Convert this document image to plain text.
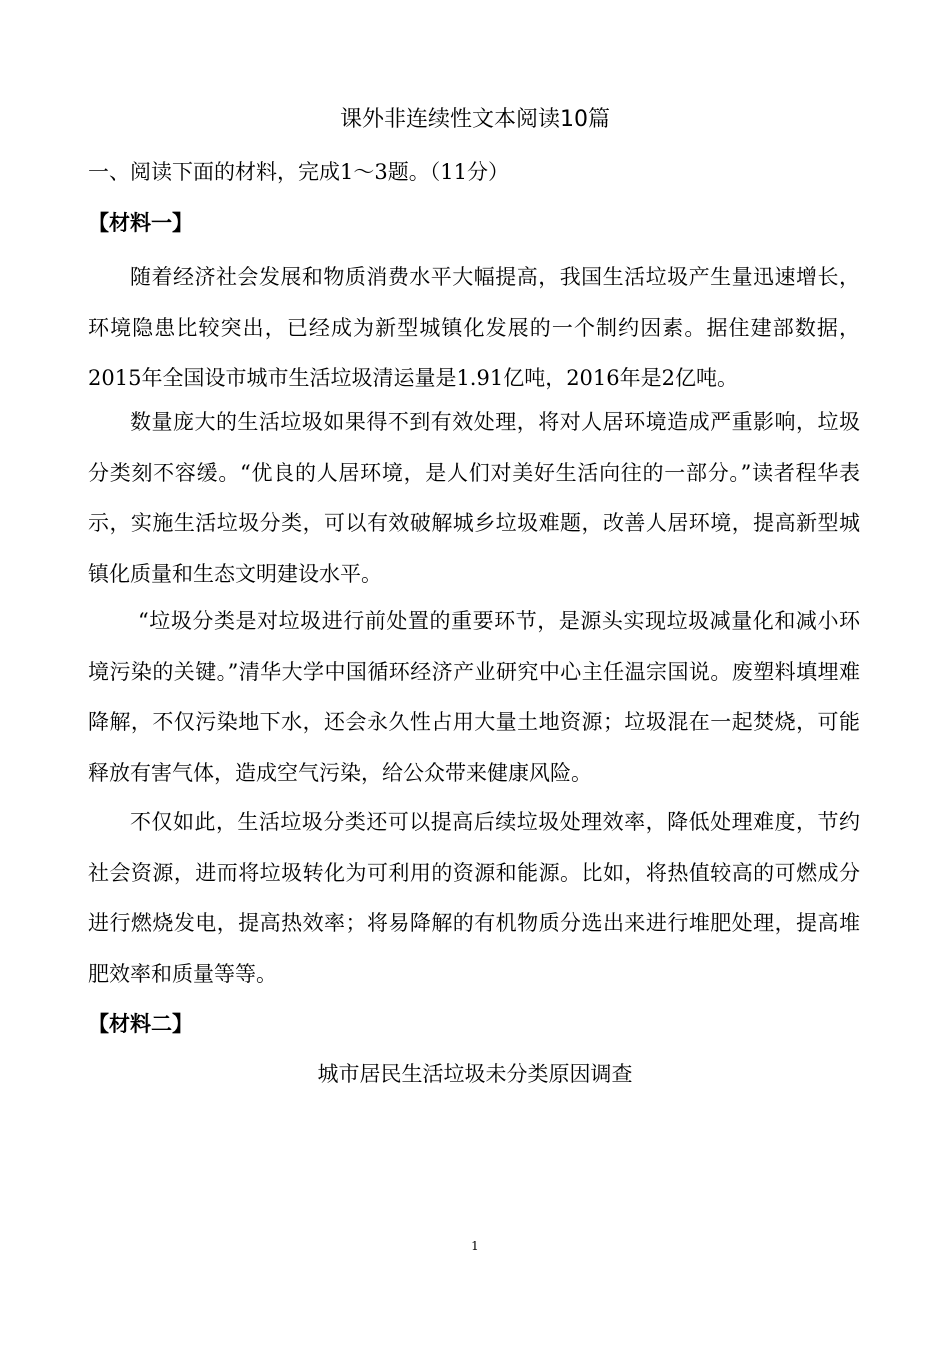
课外非连续性文本阅读10篇
一、阅读下面的材料，完成1～3题。（11分）
【材料一】

随着经济社会发展和物质消费水平大幅提高，我国生活垃圾产生量迅速增长，环境隐患比较突出，已经成为新型城镇化发展的一个制约因素。据住建部数据，2015年全国设市城市生活垃圾清运量是1.91亿吨，2016年是2亿吨。

数量庞大的生活垃圾如果得不到有效处理，将对人居环境造成严重影响，垃圾分类刻不容缓。“优良的人居环境，是人们对美好生活向往的一部分。”读者程华表示，实施生活垃圾分类，可以有效破解城乡垃圾难题，改善人居环境，提高新型城镇化质量和生态文明建设水平。

“垃圾分类是对垃圾进行前处置的重要环节，是源头实现垃圾减量化和减小环境污染的关键。”清华大学中国循环经济产业研究中心主任温宗国说。废塑料填埋难降解，不仅污染地下水，还会永久性占用大量土地资源；垃圾混在一起焚烧，可能释放有害气体，造成空气污染，给公众带来健康风险。

不仅如此，生活垃圾分类还可以提高后续垃圾处理效率，降低处理难度，节约社会资源，进而将垃圾转化为可利用的资源和能源。比如，将热值较高的可燃成分进行燃烧发电，提高热效率；将易降解的有机物质分选出来进行堆肥处理，提高堆肥效率和质量等等。

【材料二】
城市居民生活垃圾未分类原因调查
1
